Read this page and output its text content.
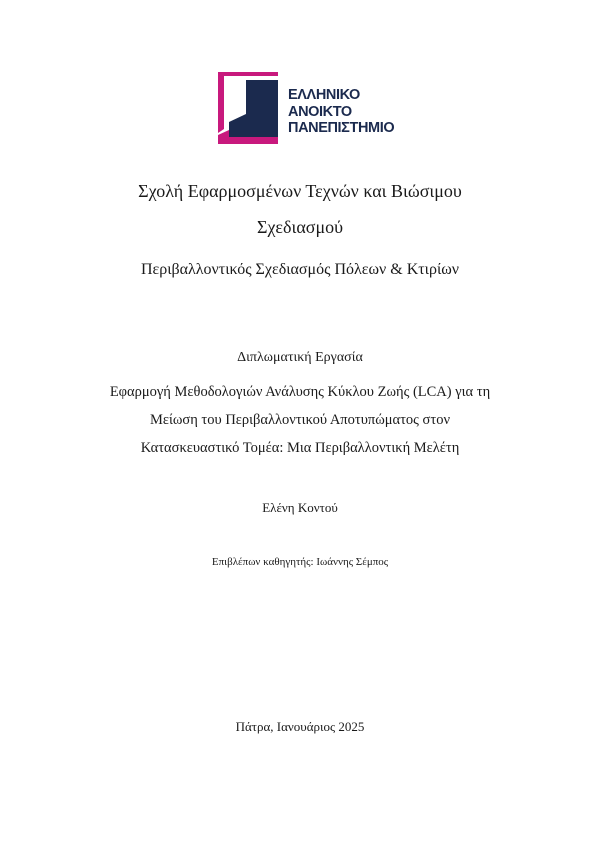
ΕΛΛΗΝΙΚΟ
ΑΝΟΙΚΤΟ
ΠΑΝΕΠΙΣΤΗΜΙΟ
Σχολή Εφαρμοσμένων Τεχνών και Βιώσιμου
Σχεδιασμού
Περιβαλλοντικός Σχεδιασμός Πόλεων & Κτιρίων
Διπλωματική Εργασία
Εφαρμογή Μεθοδολογιών Ανάλυσης Κύκλου Ζωής (LCA) για τη
Μείωση του Περιβαλλοντικού Αποτυπώματος στον
Κατασκευαστικό Τομέα: Μια Περιβαλλοντική Μελέτη
Ελένη Κοντού
Επιβλέπων καθηγητής: Ιωάννης Σέμπος
Πάτρα, Ιανουάριος 2025
